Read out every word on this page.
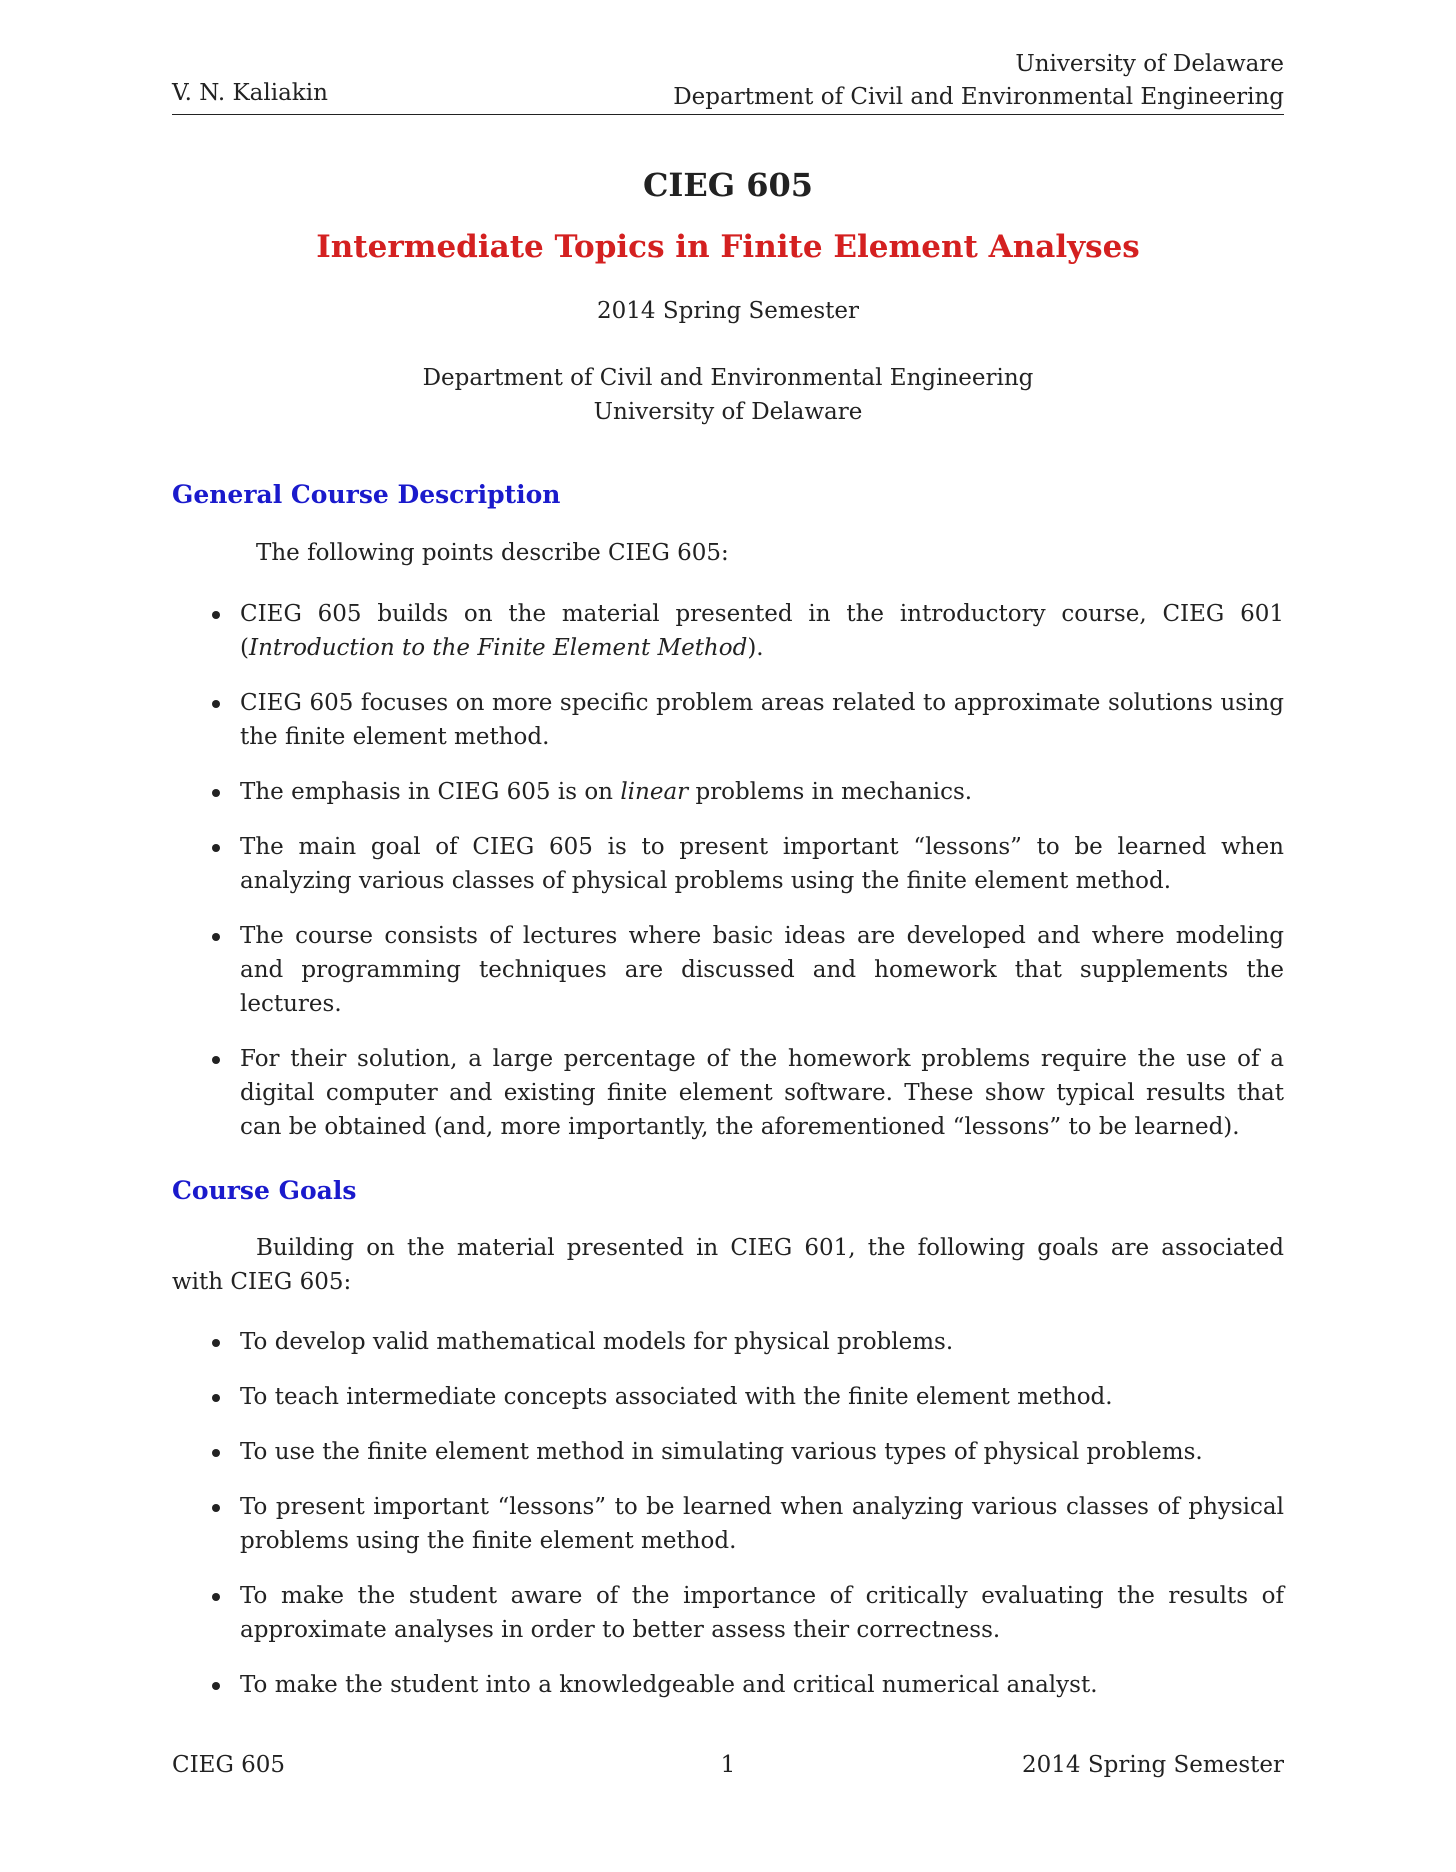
V. N. Kaliakin
University of Delaware
Department of Civil and Environmental Engineering
CIEG 605
Intermediate Topics in Finite Element Analyses
2014 Spring Semester
Department of Civil and Environmental Engineering
University of Delaware
General Course Description
The following points describe CIEG 605:
CIEG 605 builds on the material presented in the introductory course, CIEG 601 (Introduction to the Finite Element Method).
CIEG 605 focuses on more specific problem areas related to approximate solutions using the finite element method.
The emphasis in CIEG 605 is on linear problems in mechanics.
The main goal of CIEG 605 is to present important “lessons” to be learned when analyzing various classes of physical problems using the finite element method.
The course consists of lectures where basic ideas are developed and where modeling and programming techniques are discussed and homework that supplements the lectures.
For their solution, a large percentage of the homework problems require the use of a digital computer and existing finite element software. These show typical results that can be obtained (and, more importantly, the aforementioned “lessons” to be learned).
Course Goals
Building on the material presented in CIEG 601, the following goals are associated with CIEG 605:
To develop valid mathematical models for physical problems.
To teach intermediate concepts associated with the finite element method.
To use the finite element method in simulating various types of physical problems.
To present important “lessons” to be learned when analyzing various classes of physical problems using the finite element method.
To make the student aware of the importance of critically evaluating the results of approximate analyses in order to better assess their correctness.
To make the student into a knowledgeable and critical numerical analyst.
CIEG 605	1	2014 Spring Semester
